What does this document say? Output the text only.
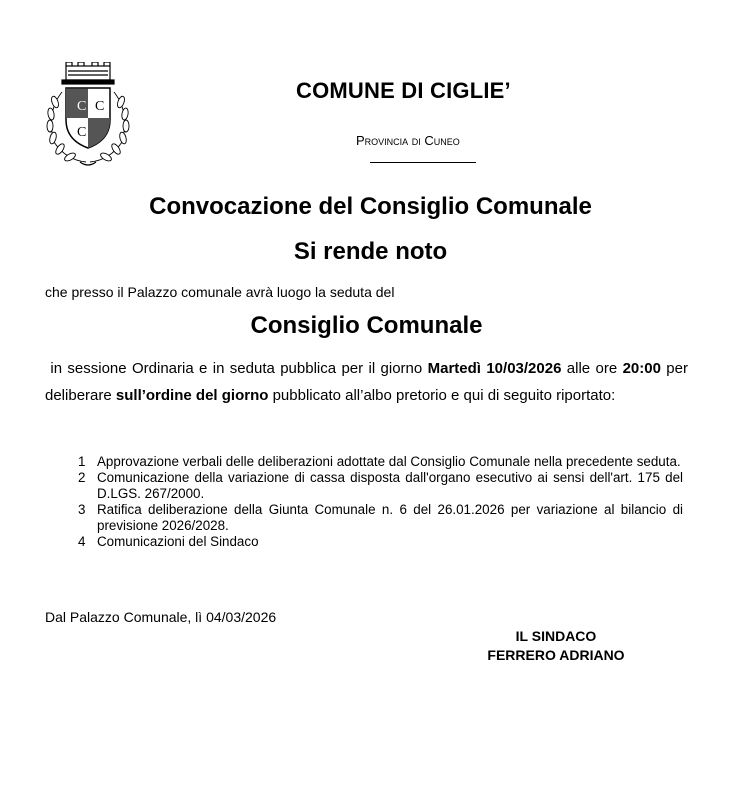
C C
C
COMUNE DI CIGLIE’
Provincia di Cuneo
Convocazione del Consiglio Comunale
Si rende noto
che presso il Palazzo comunale avrà luogo la seduta del
Consiglio Comunale
in sessione Ordinaria e in seduta pubblica per il giorno Martedì 10/03/2026 alle ore 20:00 per deliberare sull’ordine del giorno pubblicato all’albo pretorio e qui di seguito riportato:
1 Approvazione verbali delle deliberazioni adottate dal Consiglio Comunale nella precedente seduta.
2 Comunicazione della variazione di cassa disposta dall'organo esecutivo ai sensi dell'art. 175 del D.LGS. 267/2000.
3 Ratifica deliberazione della Giunta Comunale n. 6 del 26.01.2026 per variazione al bilancio di previsione 2026/2028.
4 Comunicazioni del Sindaco
Dal Palazzo Comunale, lì 04/03/2026
IL SINDACO
FERRERO ADRIANO
